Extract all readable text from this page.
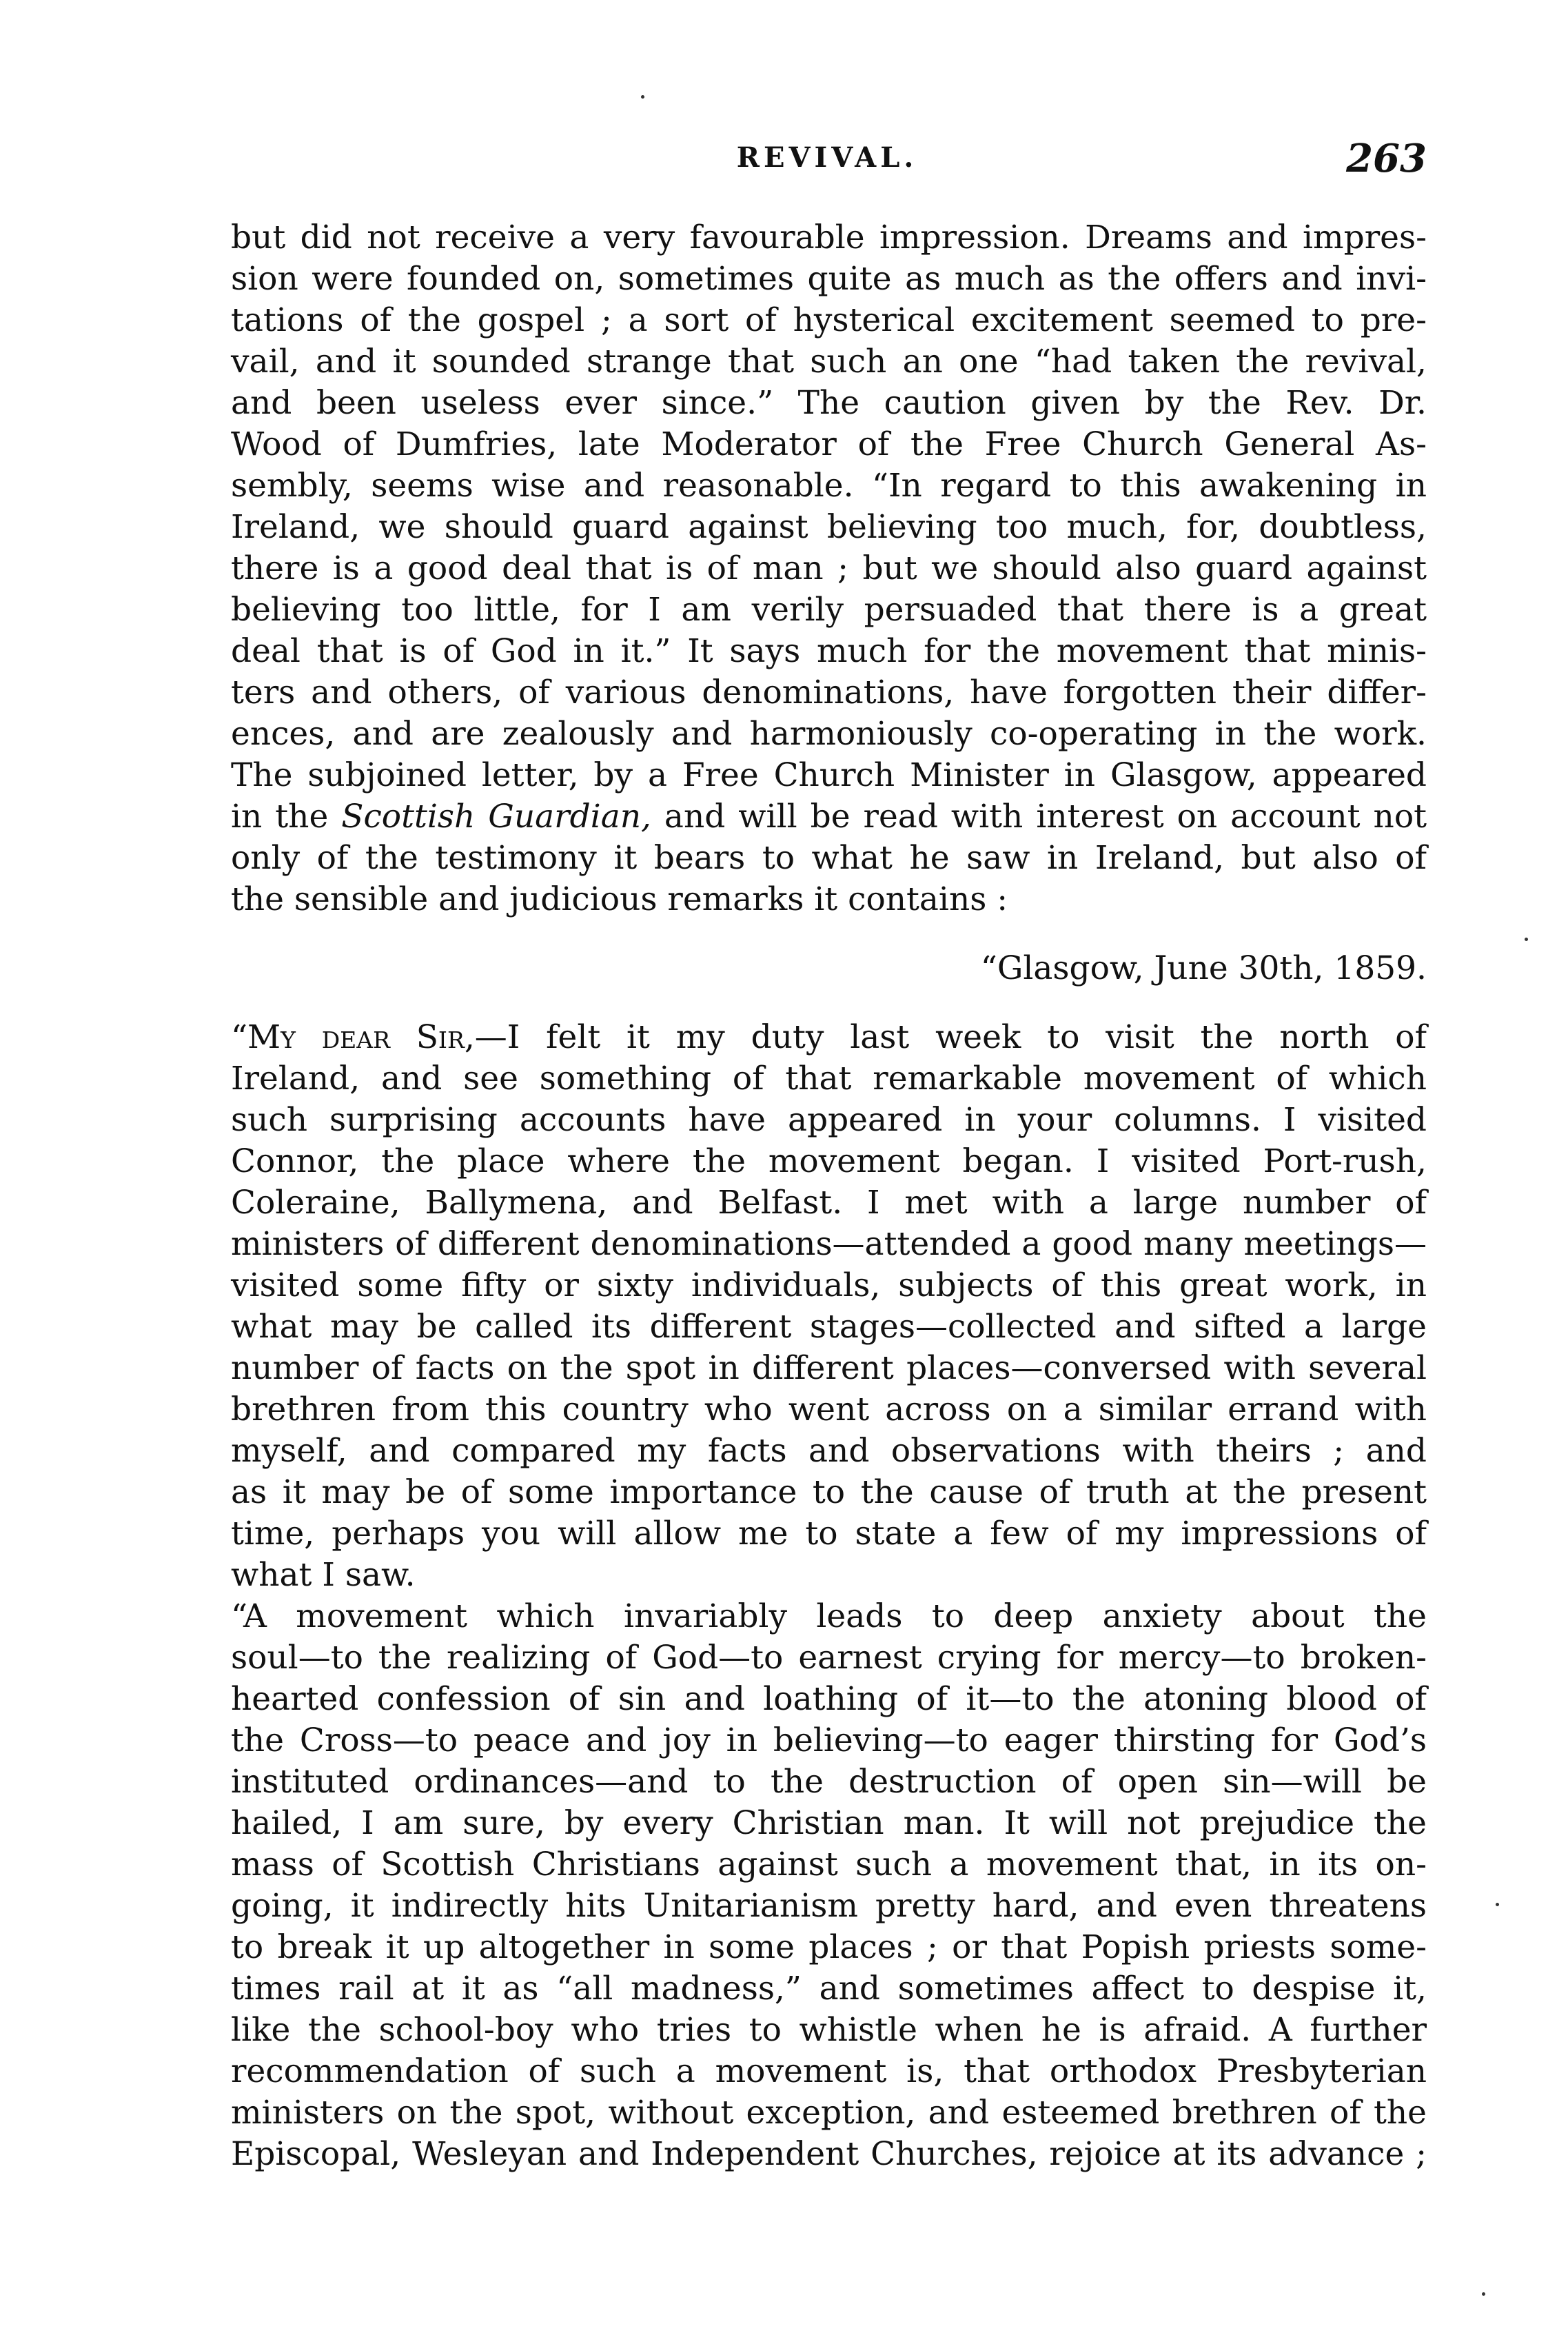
REVIVAL.	263
but did not receive a very favourable impression. Dreams and impres-
sion were founded on, sometimes quite as much as the offers and invi-
tations of the gospel ; a sort of hysterical excitement seemed to pre-
vail, and it sounded strange that such an one “had taken the revival,
and been useless ever since.” The caution given by the Rev. Dr.
Wood of Dumfries, late Moderator of the Free Church General As-
sembly, seems wise and reasonable. “In regard to this awakening in
Ireland, we should guard against believing too much, for, doubtless,
there is a good deal that is of man ; but we should also guard against
believing too little, for I am verily persuaded that there is a great
deal that is of God in it.” It says much for the movement that minis-
ters and others, of various denominations, have forgotten their differ-
ences, and are zealously and harmoniously co-operating in the work.
The subjoined letter, by a Free Church Minister in Glasgow, appeared
in the Scottish Guardian, and will be read with interest on account not
only of the testimony it bears to what he saw in Ireland, but also of
the sensible and judicious remarks it contains :
“Glasgow, June 30th, 1859.
“My dear Sir,—I felt it my duty last week to visit the north of
Ireland, and see something of that remarkable movement of which
such surprising accounts have appeared in your columns. I visited
Connor, the place where the movement began. I visited Port-rush,
Coleraine, Ballymena, and Belfast. I met with a large number of
ministers of different denominations—attended a good many meetings—
visited some fifty or sixty individuals, subjects of this great work, in
what may be called its different stages—collected and sifted a large
number of facts on the spot in different places—conversed with several
brethren from this country who went across on a similar errand with
myself, and compared my facts and observations with theirs ; and
as it may be of some importance to the cause of truth at the present
time, perhaps you will allow me to state a few of my impressions of
what I saw.
“A movement which invariably leads to deep anxiety about the
soul—to the realizing of God—to earnest crying for mercy—to broken-
hearted confession of sin and loathing of it—to the atoning blood of
the Cross—to peace and joy in believing—to eager thirsting for God’s
instituted ordinances—and to the destruction of open sin—will be
hailed, I am sure, by every Christian man. It will not prejudice the
mass of Scottish Christians against such a movement that, in its on-
going, it indirectly hits Unitarianism pretty hard, and even threatens
to break it up altogether in some places ; or that Popish priests some-
times rail at it as “all madness,” and sometimes affect to despise it,
like the school-boy who tries to whistle when he is afraid. A further
recommendation of such a movement is, that orthodox Presbyterian
ministers on the spot, without exception, and esteemed brethren of the
Episcopal, Wesleyan and Independent Churches, rejoice at its advance ;
